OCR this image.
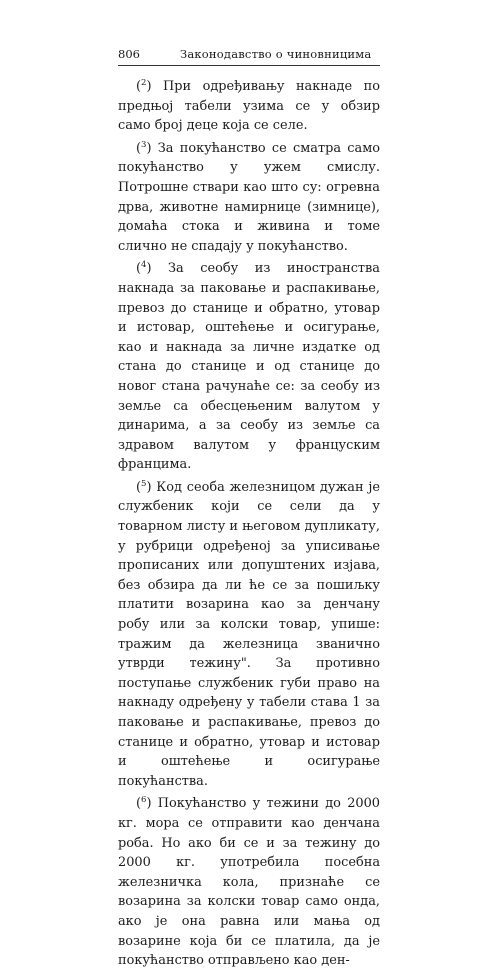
806	Законодавство о чиновницима

($^2$) При одређивању накнаде по предњој табели узима се у обзир само број деце која се селе.

($^3$) За покућанство се сматра само покућанство у ужем смислу. Потрошне ствари као што су: огревна дрва, животне намирнице (зимнице), домаћа стока и живина и томе слично не спадају у покућанство.

($^4$) За сеобу из иностранства накнада за паковање и распакивање, превоз до станице и обратно, утовар и истовар, оштећење и осигурање, као и накнада за личне издатке од стана до станице и од станице до новог стана рачунаће се: за сеобу из земље са обесцењеним валутом у динарима, а за сеобу из земље са здравом валутом у француским францима.

($^5$) Код сеоба железницом дужан је службеник који се сели да у товарном листу и његовом дупликату, у рубрици одређеној за уписивање прописаних или допуштених изјава, без обзира да ли ће се за пошиљку платити возарина као за денчану робу или за колски товар, упише: тражим да железница званично утврди тежину". За противно поступање службеник губи право на накнаду одређену у табели става 1 за паковање и распакивање, превоз до станице и обратно, утовар и истовар и оштећење и осигурање покућанства.

($^6$) Покућанство у тежини до 2000 кг. мора се отправити као денчана роба. Но ако би се и за тежину до 2000 кг. употребила посебна железничка кола, признаће се возарина за колски товар само онда, ако је она равна или мања од возарине која би се платила, да је покућанство отправљено као ден-
